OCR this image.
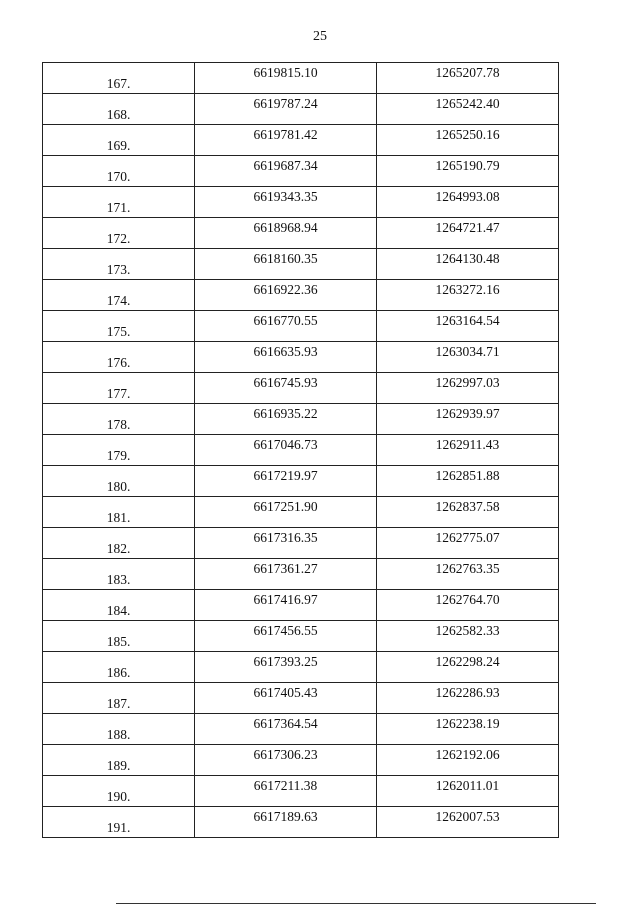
25
167.	6619815.10	1265207.78
168.	6619787.24	1265242.40
169.	6619781.42	1265250.16
170.	6619687.34	1265190.79
171.	6619343.35	1264993.08
172.	6618968.94	1264721.47
173.	6618160.35	1264130.48
174.	6616922.36	1263272.16
175.	6616770.55	1263164.54
176.	6616635.93	1263034.71
177.	6616745.93	1262997.03
178.	6616935.22	1262939.97
179.	6617046.73	1262911.43
180.	6617219.97	1262851.88
181.	6617251.90	1262837.58
182.	6617316.35	1262775.07
183.	6617361.27	1262763.35
184.	6617416.97	1262764.70
185.	6617456.55	1262582.33
186.	6617393.25	1262298.24
187.	6617405.43	1262286.93
188.	6617364.54	1262238.19
189.	6617306.23	1262192.06
190.	6617211.38	1262011.01
191.	6617189.63	1262007.53
